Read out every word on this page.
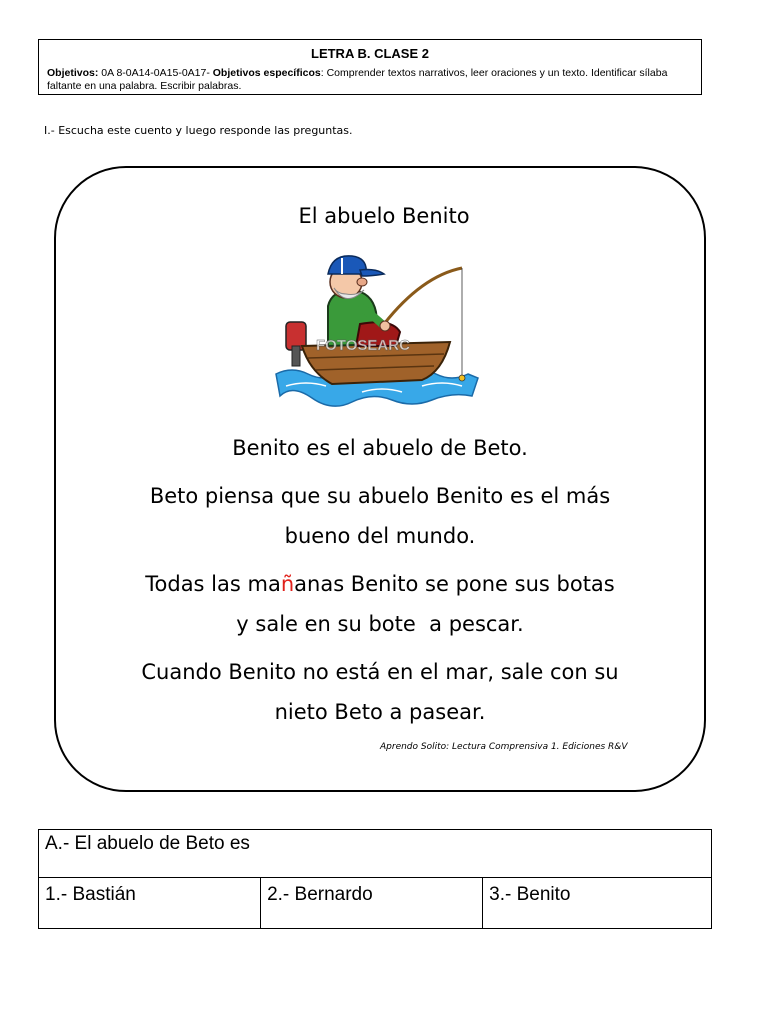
LETRA B. CLASE 2
Objetivos: 0A 8-0A14-0A15-0A17- Objetivos específicos: Comprender textos narrativos, leer oraciones y un texto. Identificar sílaba faltante en una palabra. Escribir palabras.
I.- Escucha este cuento y luego responde las preguntas.
El abuelo Benito
FOTOSEARC
Benito es el abuelo de Beto.
Beto piensa que su abuelo Benito es el más
bueno del mundo.
Todas las mañanas Benito se pone sus botas
y sale en su bote  a pescar.
Cuando Benito no está en el mar, sale con su
nieto Beto a pasear.
Aprendo Solito: Lectura Comprensiva 1. Ediciones R&V
A.- El abuelo de Beto es
1.- Bastián	2.- Bernardo	3.- Benito
